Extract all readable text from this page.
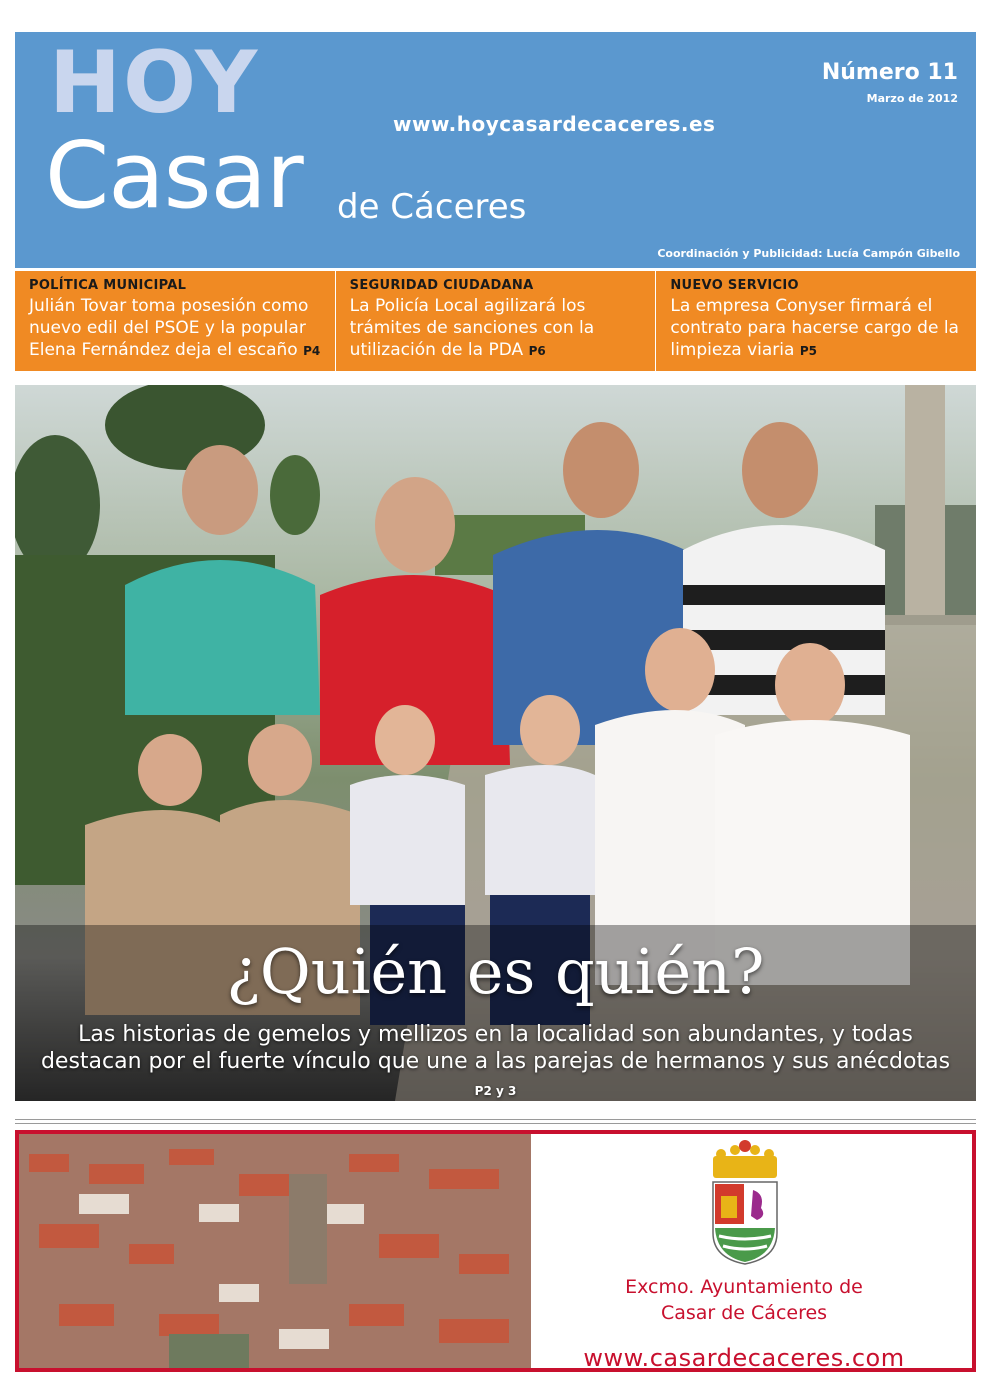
HOY
Casar de Cáceres
www.hoycasardecaceres.es
Número 11
Marzo de 2012
Coordinación y Publicidad: Lucía Campón Gibello
POLÍTICA MUNICIPAL
Julián Tovar toma posesión como nuevo edil del PSOE y la popular Elena Fernández deja el escaño P4
SEGURIDAD CIUDADANA
La Policía Local agilizará los trámites de sanciones con la utilización de la PDA P6
NUEVO SERVICIO
La empresa Conyser firmará el contrato para hacerse cargo de la limpieza viaria P5
¿Quién es quién?
Las historias de gemelos y mellizos en la localidad son abundantes, y todas destacan por el fuerte vínculo que une a las parejas de hermanos y sus anécdotas P2 y 3
Excmo. Ayuntamiento de
Casar de Cáceres
www.casardecaceres.com
